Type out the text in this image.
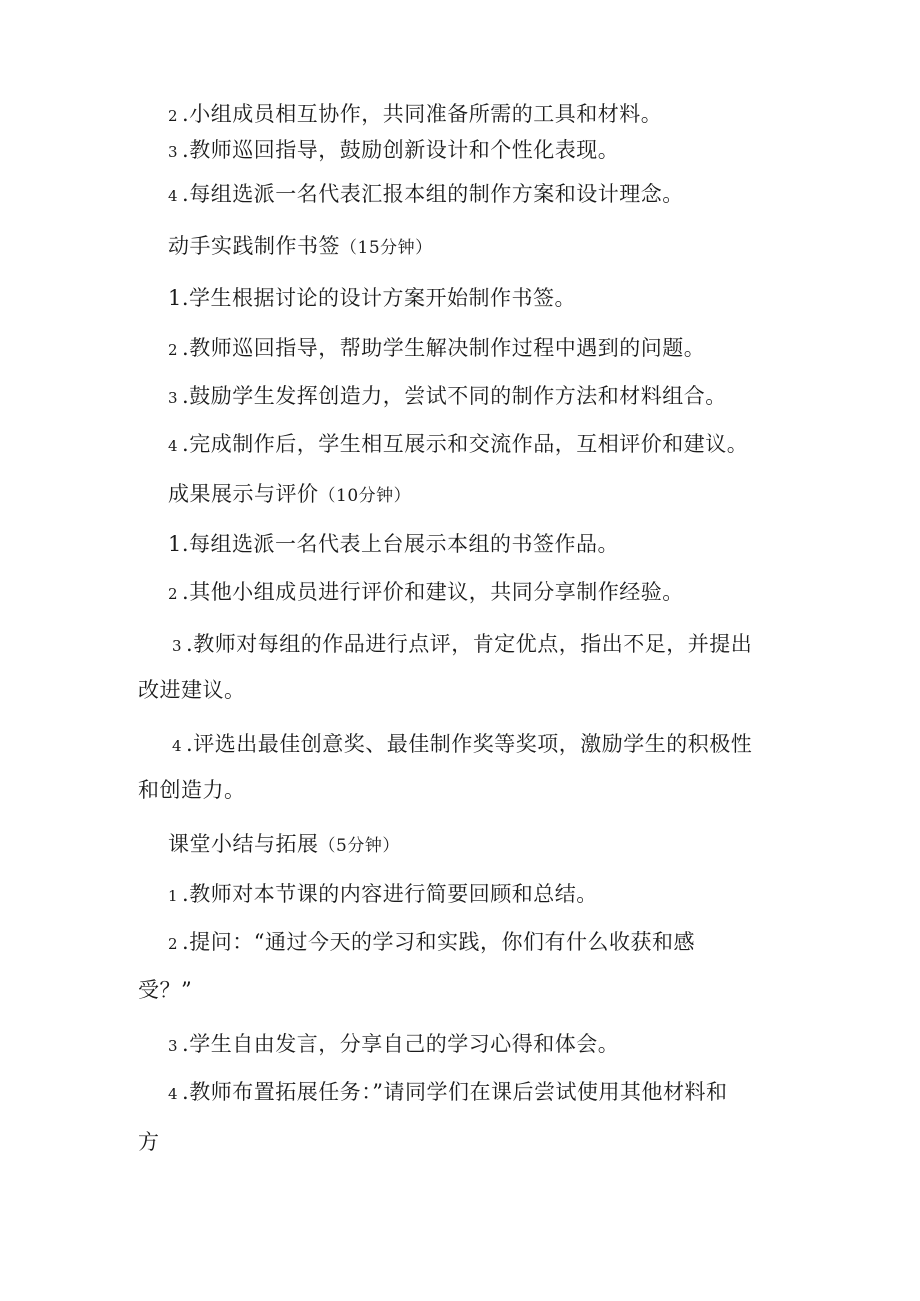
2 .小组成员相互协作，共同准备所需的工具和材料。
3 .教师巡回指导，鼓励创新设计和个性化表现。
4 .每组选派一名代表汇报本组的制作方案和设计理念。
动手实践制作书签（15分钟）
1.学生根据讨论的设计方案开始制作书签。
2 .教师巡回指导，帮助学生解决制作过程中遇到的问题。
3 .鼓励学生发挥创造力，尝试不同的制作方法和材料组合。
4 .完成制作后，学生相互展示和交流作品，互相评价和建议。
成果展示与评价（10分钟）
1.每组选派一名代表上台展示本组的书签作品。
2 .其他小组成员进行评价和建议，共同分享制作经验。
3 .教师对每组的作品进行点评，肯定优点，指出不足，并提出
改进建议。
4 .评选出最佳创意奖、最佳制作奖等奖项，激励学生的积极性
和创造力。
课堂小结与拓展（5分钟）
1 .教师对本节课的内容进行简要回顾和总结。
2 .提问：“通过今天的学习和实践，你们有什么收获和感
受？”
3 .学生自由发言，分享自己的学习心得和体会。
4 .教师布置拓展任务：”请同学们在课后尝试使用其他材料和
方
